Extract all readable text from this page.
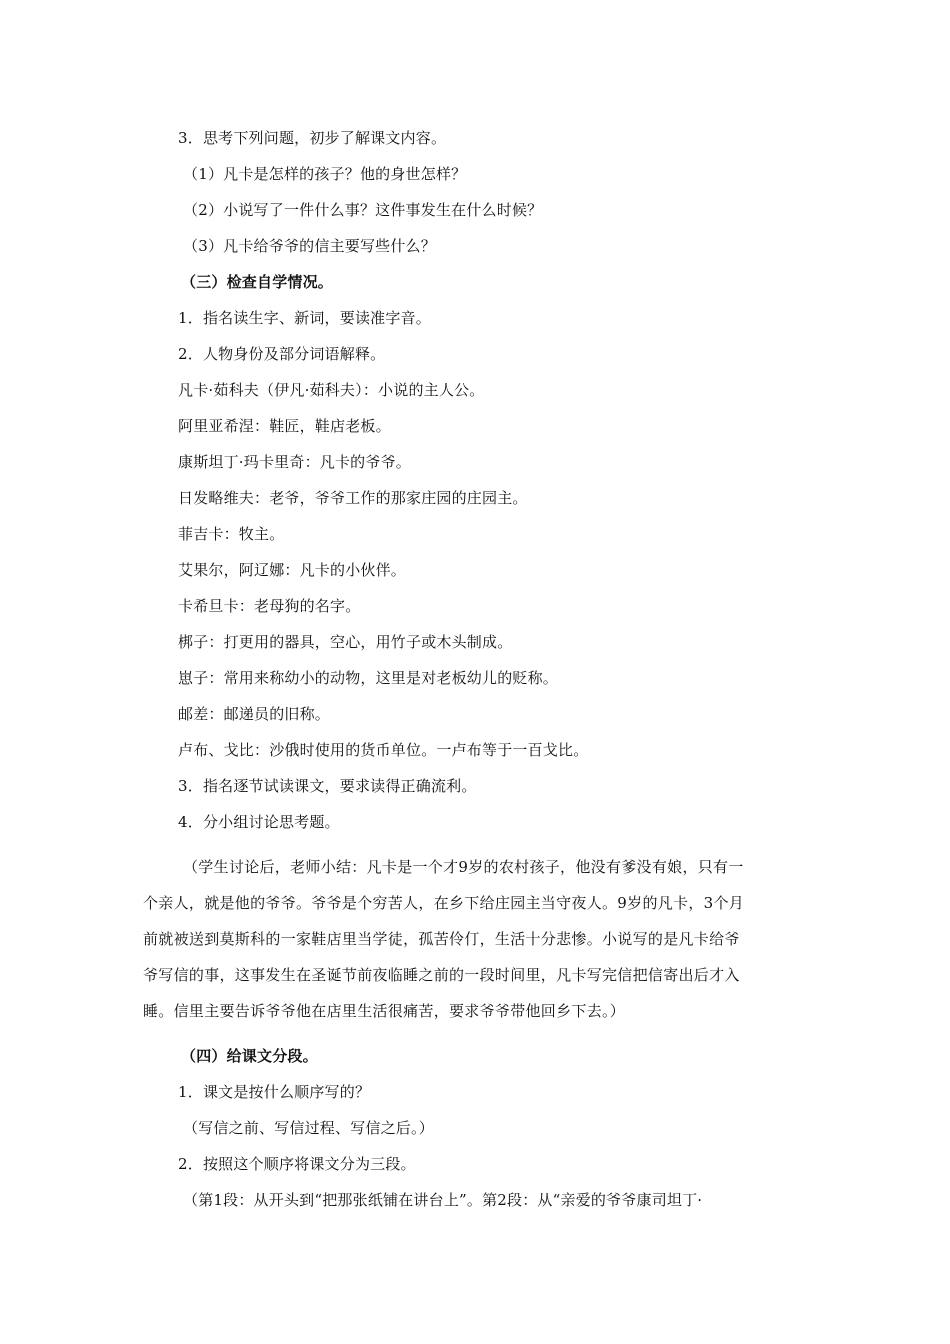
3．思考下列问题，初步了解课文内容。
（1）凡卡是怎样的孩子？他的身世怎样？
（2）小说写了一件什么事？这件事发生在什么时候？
（3）凡卡给爷爷的信主要写些什么？
（三）检查自学情况。
1．指名读生字、新词，要读准字音。
2．人物身份及部分词语解释。
凡卡·茹科夫（伊凡·茹科夫）：小说的主人公。
阿里亚希涅：鞋匠，鞋店老板。
康斯坦丁·玛卡里奇：凡卡的爷爷。
日发略维夫：老爷，爷爷工作的那家庄园的庄园主。
菲吉卡：牧主。
艾果尔，阿辽娜：凡卡的小伙伴。
卡希旦卡：老母狗的名字。
梆子：打更用的器具，空心，用竹子或木头制成。
崽子：常用来称幼小的动物，这里是对老板幼儿的贬称。
邮差：邮递员的旧称。
卢布、戈比：沙俄时使用的货币单位。一卢布等于一百戈比。
3．指名逐节试读课文，要求读得正确流利。
4．分小组讨论思考题。
（学生讨论后，老师小结：凡卡是一个才9岁的农村孩子，他没有爹没有娘，只有一
个亲人，就是他的爷爷。爷爷是个穷苦人，在乡下给庄园主当守夜人。9岁的凡卡，3个月
前就被送到莫斯科的一家鞋店里当学徒，孤苦伶仃，生活十分悲惨。小说写的是凡卡给爷
爷写信的事，这事发生在圣诞节前夜临睡之前的一段时间里，凡卡写完信把信寄出后才入
睡。信里主要告诉爷爷他在店里生活很痛苦，要求爷爷带他回乡下去。）
（四）给课文分段。
1．课文是按什么顺序写的？
（写信之前、写信过程、写信之后。）
2．按照这个顺序将课文分为三段。
（第1段：从开头到“把那张纸铺在讲台上”。第2段：从“亲爱的爷爷康司坦丁·
